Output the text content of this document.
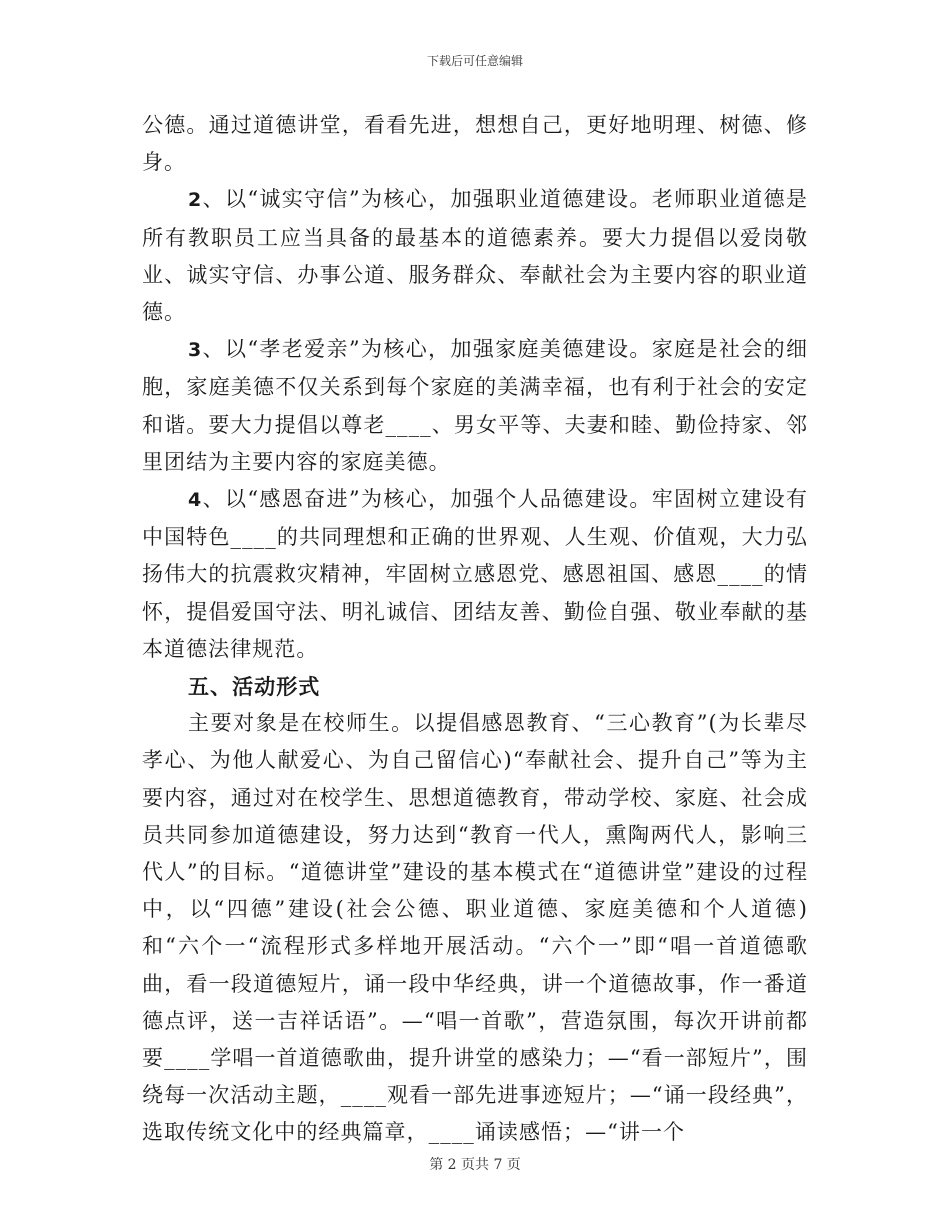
下载后可任意编辑

公德。通过道德讲堂，看看先进，想想自己，更好地明理、树德、修身。

2、以“诚实守信”为核心，加强职业道德建设。老师职业道德是所有教职员工应当具备的最基本的道德素养。要大力提倡以爱岗敬业、诚实守信、办事公道、服务群众、奉献社会为主要内容的职业道德。

3、以“孝老爱亲”为核心，加强家庭美德建设。家庭是社会的细胞，家庭美德不仅关系到每个家庭的美满幸福，也有利于社会的安定和谐。要大力提倡以尊老____、男女平等、夫妻和睦、勤俭持家、邻里团结为主要内容的家庭美德。

4、以“感恩奋进”为核心，加强个人品德建设。牢固树立建设有中国特色____的共同理想和正确的世界观、人生观、价值观，大力弘扬伟大的抗震救灾精神，牢固树立感恩党、感恩祖国、感恩____的情怀，提倡爱国守法、明礼诚信、团结友善、勤俭自强、敬业奉献的基本道德法律规范。

五、活动形式

主要对象是在校师生。以提倡感恩教育、“三心教育”(为长辈尽孝心、为他人献爱心、为自己留信心)“奉献社会、提升自己”等为主要内容，通过对在校学生、思想道德教育，带动学校、家庭、社会成员共同参加道德建设，努力达到“教育一代人，熏陶两代人，影响三代人”的目标。“道德讲堂”建设的基本模式在“道德讲堂”建设的过程中，以“四德”建设(社会公德、职业道德、家庭美德和个人道德)和“六个一“流程形式多样地开展活动。“六个一”即“唱一首道德歌曲，看一段道德短片，诵一段中华经典，讲一个道德故事，作一番道德点评，送一吉祥话语”。—“唱一首歌”，营造氛围，每次开讲前都要____学唱一首道德歌曲，提升讲堂的感染力；—“看一部短片”，围绕每一次活动主题，____观看一部先进事迹短片；—“诵一段经典”，选取传统文化中的经典篇章，____诵读感悟；—“讲一个

第 2 页共 7 页
